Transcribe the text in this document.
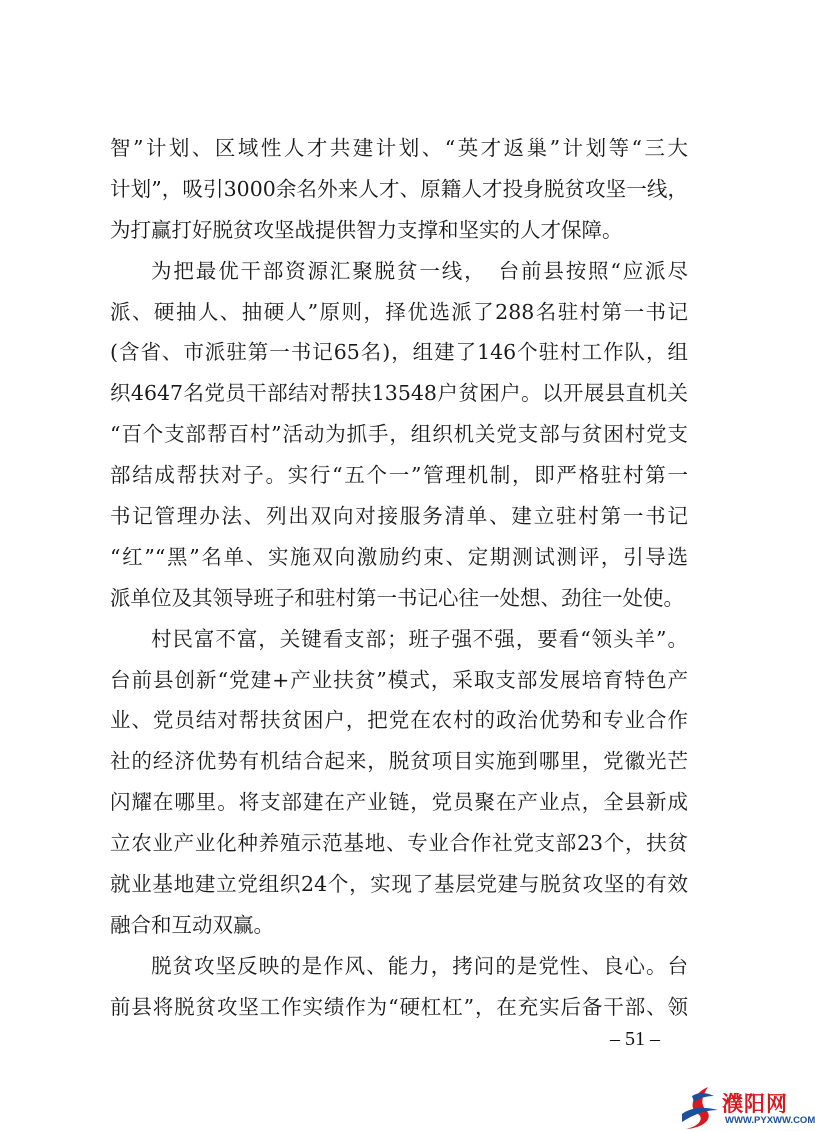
智”计划、区域性人才共建计划、“英才返巢”计划等“三大
计划”，吸引3000余名外来人才、原籍人才投身脱贫攻坚一线，
为打赢打好脱贫攻坚战提供智力支撑和坚实的人才保障。
为把最优干部资源汇聚脱贫一线，　台前县按照“应派尽
派、硬抽人、抽硬人”原则，择优选派了288名驻村第一书记
(含省、市派驻第一书记65名)，组建了146个驻村工作队，组
织4647名党员干部结对帮扶13548户贫困户。以开展县直机关
“百个支部帮百村”活动为抓手，组织机关党支部与贫困村党支
部结成帮扶对子。实行“五个一”管理机制，即严格驻村第一
书记管理办法、列出双向对接服务清单、建立驻村第一书记
“红”“黑”名单、实施双向激励约束、定期测试测评，引导选
派单位及其领导班子和驻村第一书记心往一处想、劲往一处使。
村民富不富，关键看支部；班子强不强，要看“领头羊”。
台前县创新“党建+产业扶贫”模式，采取支部发展培育特色产
业、党员结对帮扶贫困户，把党在农村的政治优势和专业合作
社的经济优势有机结合起来，脱贫项目实施到哪里，党徽光芒
闪耀在哪里。将支部建在产业链，党员聚在产业点，全县新成
立农业产业化种养殖示范基地、专业合作社党支部23个，扶贫
就业基地建立党组织24个，实现了基层党建与脱贫攻坚的有效
融合和互动双赢。
脱贫攻坚反映的是作风、能力，拷问的是党性、良心。台
前县将脱贫攻坚工作实绩作为“硬杠杠”，在充实后备干部、领
– 51 –
濮阳网
WWW.PYXWW.COM
